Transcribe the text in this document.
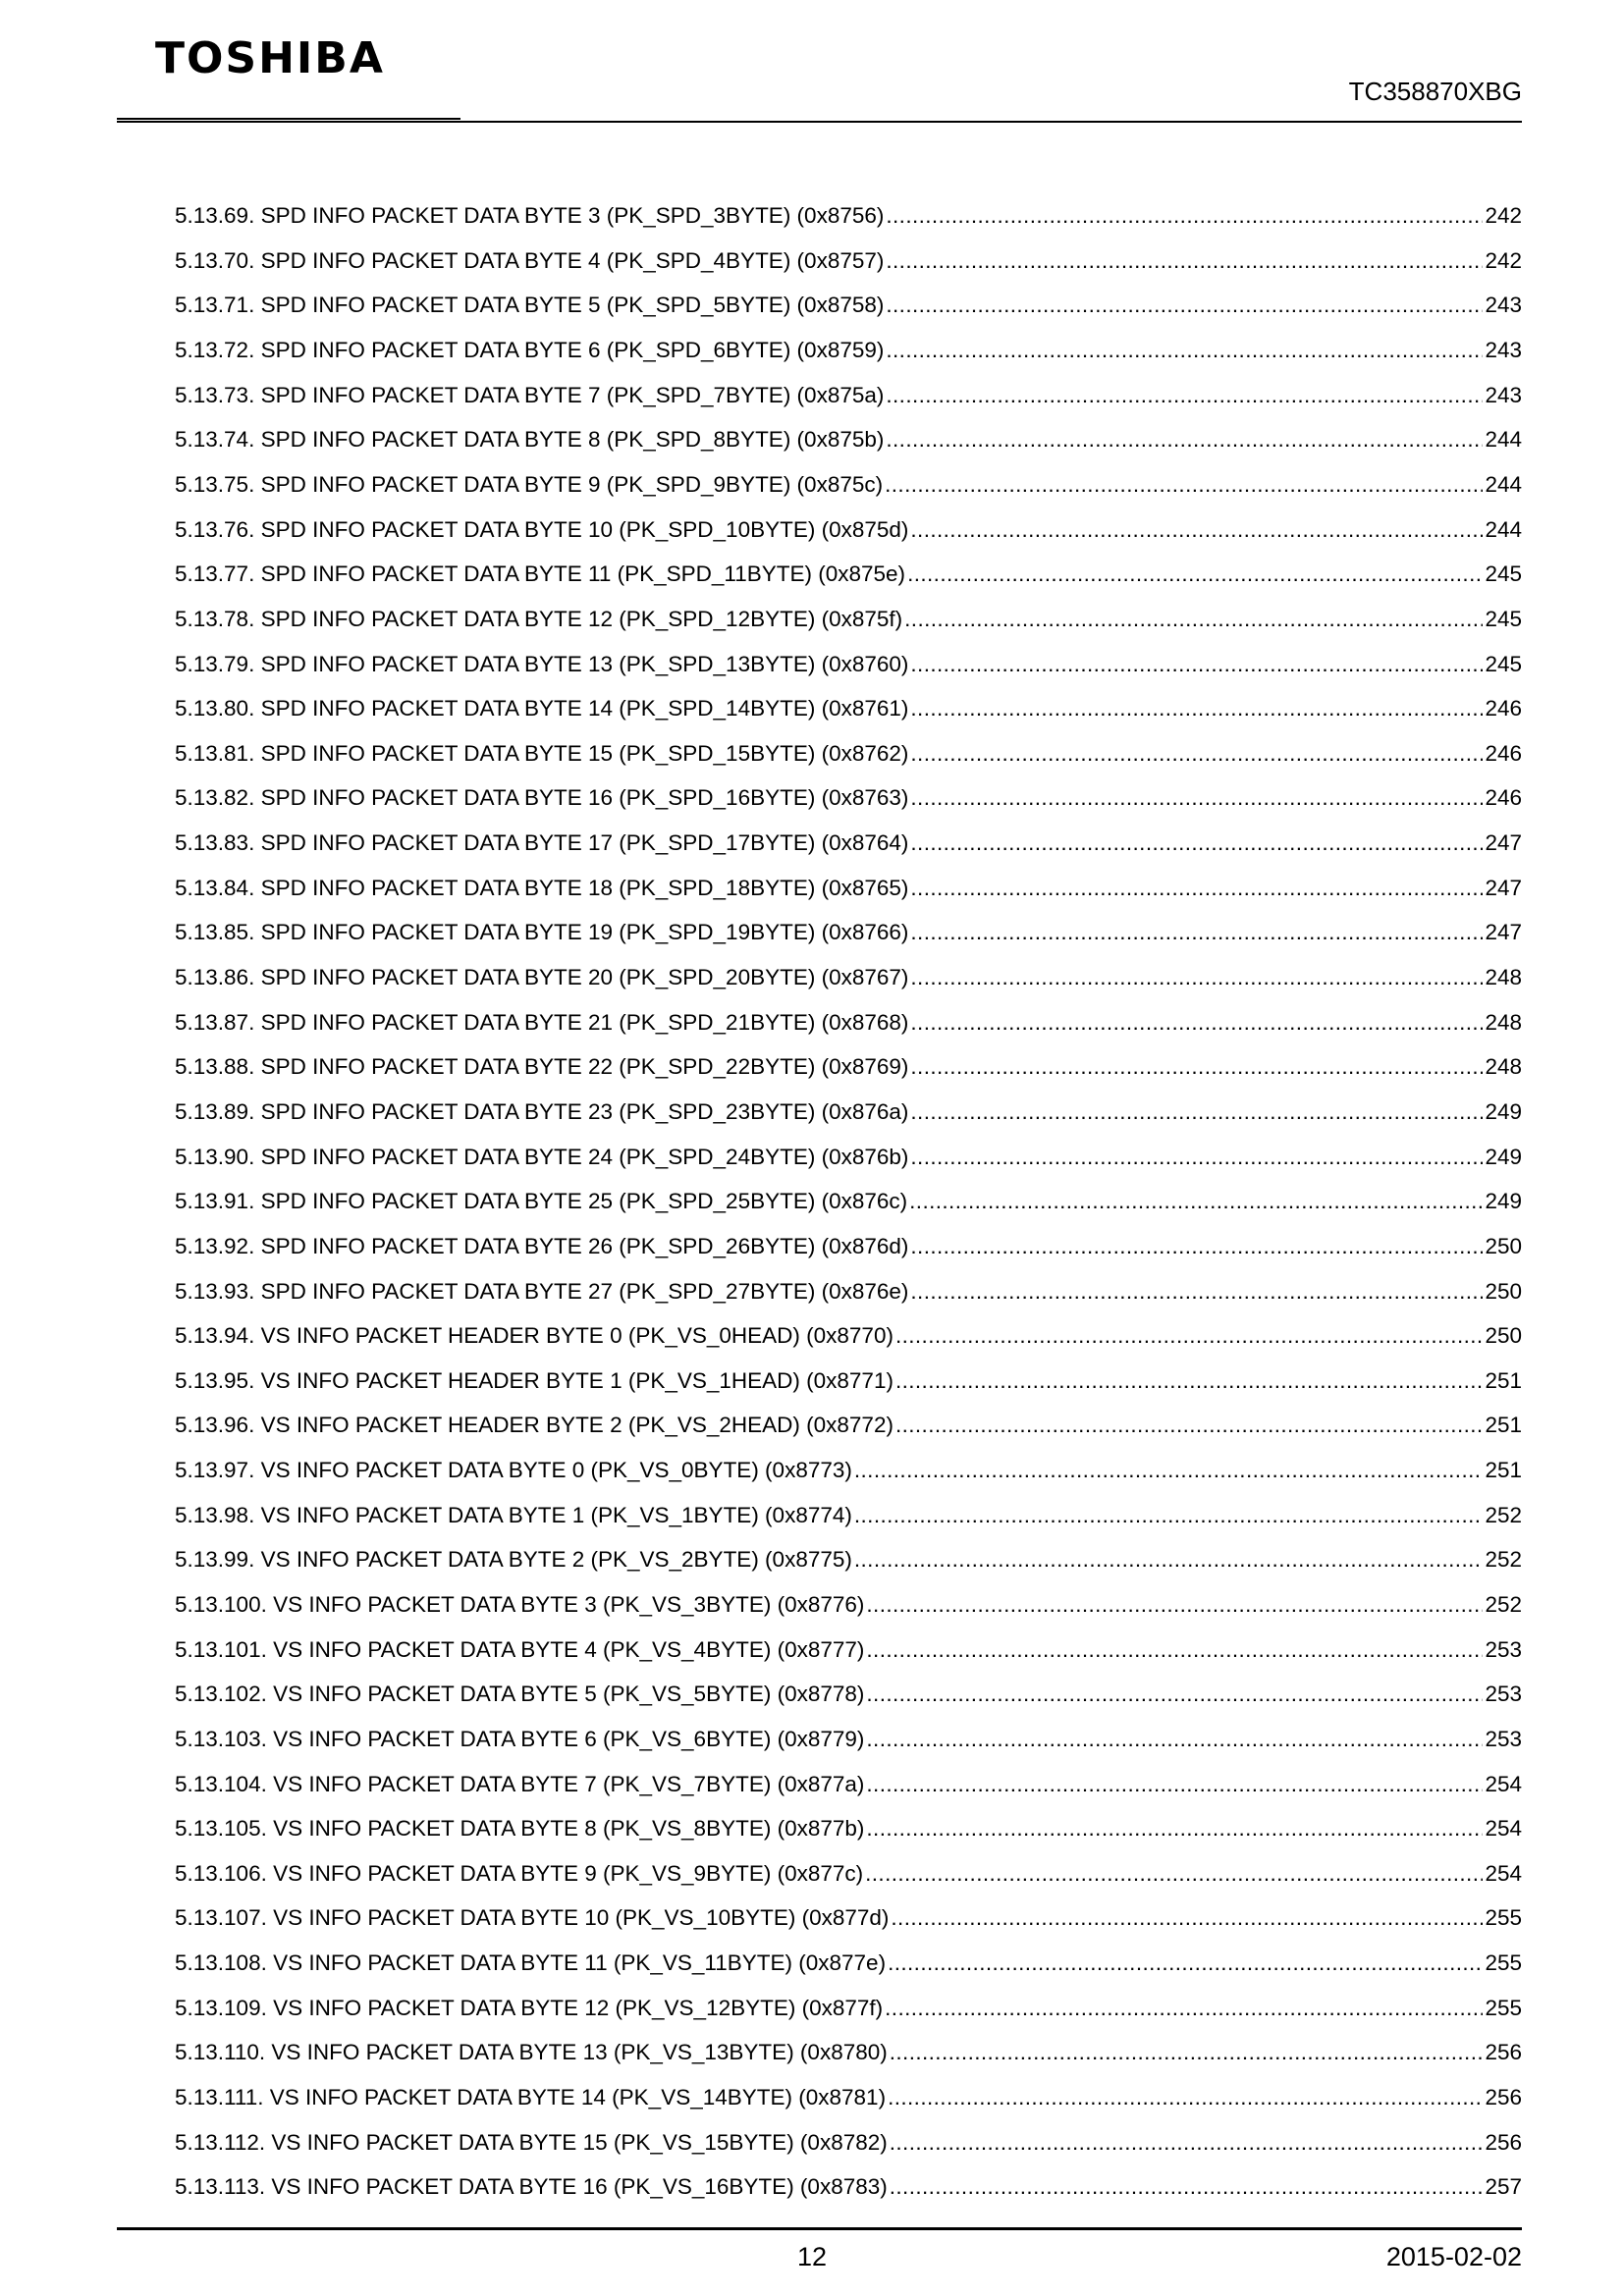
TOSHIBA
TC358870XBG
5.13.69. SPD INFO PACKET DATA BYTE 3 (PK_SPD_3BYTE) (0x8756) .....	242
5.13.70. SPD INFO PACKET DATA BYTE 4 (PK_SPD_4BYTE) (0x8757) .....	242
5.13.71. SPD INFO PACKET DATA BYTE 5 (PK_SPD_5BYTE) (0x8758) .....	243
5.13.72. SPD INFO PACKET DATA BYTE 6 (PK_SPD_6BYTE) (0x8759) .....	243
5.13.73. SPD INFO PACKET DATA BYTE 7 (PK_SPD_7BYTE) (0x875a) .....	243
5.13.74. SPD INFO PACKET DATA BYTE 8 (PK_SPD_8BYTE) (0x875b) .....	244
5.13.75. SPD INFO PACKET DATA BYTE 9 (PK_SPD_9BYTE) (0x875c) .....	244
5.13.76. SPD INFO PACKET DATA BYTE 10 (PK_SPD_10BYTE) (0x875d) .....	244
5.13.77. SPD INFO PACKET DATA BYTE 11 (PK_SPD_11BYTE) (0x875e) .....	245
5.13.78. SPD INFO PACKET DATA BYTE 12 (PK_SPD_12BYTE) (0x875f) .....	245
5.13.79. SPD INFO PACKET DATA BYTE 13 (PK_SPD_13BYTE) (0x8760) .....	245
5.13.80. SPD INFO PACKET DATA BYTE 14 (PK_SPD_14BYTE) (0x8761) .....	246
5.13.81. SPD INFO PACKET DATA BYTE 15 (PK_SPD_15BYTE) (0x8762) .....	246
5.13.82. SPD INFO PACKET DATA BYTE 16 (PK_SPD_16BYTE) (0x8763) .....	246
5.13.83. SPD INFO PACKET DATA BYTE 17 (PK_SPD_17BYTE) (0x8764) .....	247
5.13.84. SPD INFO PACKET DATA BYTE 18 (PK_SPD_18BYTE) (0x8765) .....	247
5.13.85. SPD INFO PACKET DATA BYTE 19 (PK_SPD_19BYTE) (0x8766) .....	247
5.13.86. SPD INFO PACKET DATA BYTE 20 (PK_SPD_20BYTE) (0x8767) .....	248
5.13.87. SPD INFO PACKET DATA BYTE 21 (PK_SPD_21BYTE) (0x8768) .....	248
5.13.88. SPD INFO PACKET DATA BYTE 22 (PK_SPD_22BYTE) (0x8769) .....	248
5.13.89. SPD INFO PACKET DATA BYTE 23 (PK_SPD_23BYTE) (0x876a) .....	249
5.13.90. SPD INFO PACKET DATA BYTE 24 (PK_SPD_24BYTE) (0x876b) .....	249
5.13.91. SPD INFO PACKET DATA BYTE 25 (PK_SPD_25BYTE) (0x876c) .....	249
5.13.92. SPD INFO PACKET DATA BYTE 26 (PK_SPD_26BYTE) (0x876d) .....	250
5.13.93. SPD INFO PACKET DATA BYTE 27 (PK_SPD_27BYTE) (0x876e) .....	250
5.13.94. VS INFO PACKET HEADER BYTE 0 (PK_VS_0HEAD) (0x8770) .....	250
5.13.95. VS INFO PACKET HEADER BYTE 1 (PK_VS_1HEAD) (0x8771) .....	251
5.13.96. VS INFO PACKET HEADER BYTE 2 (PK_VS_2HEAD) (0x8772) .....	251
5.13.97. VS INFO PACKET DATA BYTE 0 (PK_VS_0BYTE) (0x8773) .....	251
5.13.98. VS INFO PACKET DATA BYTE 1 (PK_VS_1BYTE) (0x8774) .....	252
5.13.99. VS INFO PACKET DATA BYTE 2 (PK_VS_2BYTE) (0x8775) .....	252
5.13.100. VS INFO PACKET DATA BYTE 3 (PK_VS_3BYTE) (0x8776) .....	252
5.13.101. VS INFO PACKET DATA BYTE 4 (PK_VS_4BYTE) (0x8777) .....	253
5.13.102. VS INFO PACKET DATA BYTE 5 (PK_VS_5BYTE) (0x8778) .....	253
5.13.103. VS INFO PACKET DATA BYTE 6 (PK_VS_6BYTE) (0x8779) .....	253
5.13.104. VS INFO PACKET DATA BYTE 7 (PK_VS_7BYTE) (0x877a) .....	254
5.13.105. VS INFO PACKET DATA BYTE 8 (PK_VS_8BYTE) (0x877b) .....	254
5.13.106. VS INFO PACKET DATA BYTE 9 (PK_VS_9BYTE) (0x877c) .....	254
5.13.107. VS INFO PACKET DATA BYTE 10 (PK_VS_10BYTE) (0x877d) .....	255
5.13.108. VS INFO PACKET DATA BYTE 11 (PK_VS_11BYTE) (0x877e) .....	255
5.13.109. VS INFO PACKET DATA BYTE 12 (PK_VS_12BYTE) (0x877f) .....	255
5.13.110. VS INFO PACKET DATA BYTE 13 (PK_VS_13BYTE) (0x8780) .....	256
5.13.111. VS INFO PACKET DATA BYTE 14 (PK_VS_14BYTE) (0x8781) .....	256
5.13.112. VS INFO PACKET DATA BYTE 15 (PK_VS_15BYTE) (0x8782) .....	256
5.13.113. VS INFO PACKET DATA BYTE 16 (PK_VS_16BYTE) (0x8783) .....	257
12	2015-02-02
